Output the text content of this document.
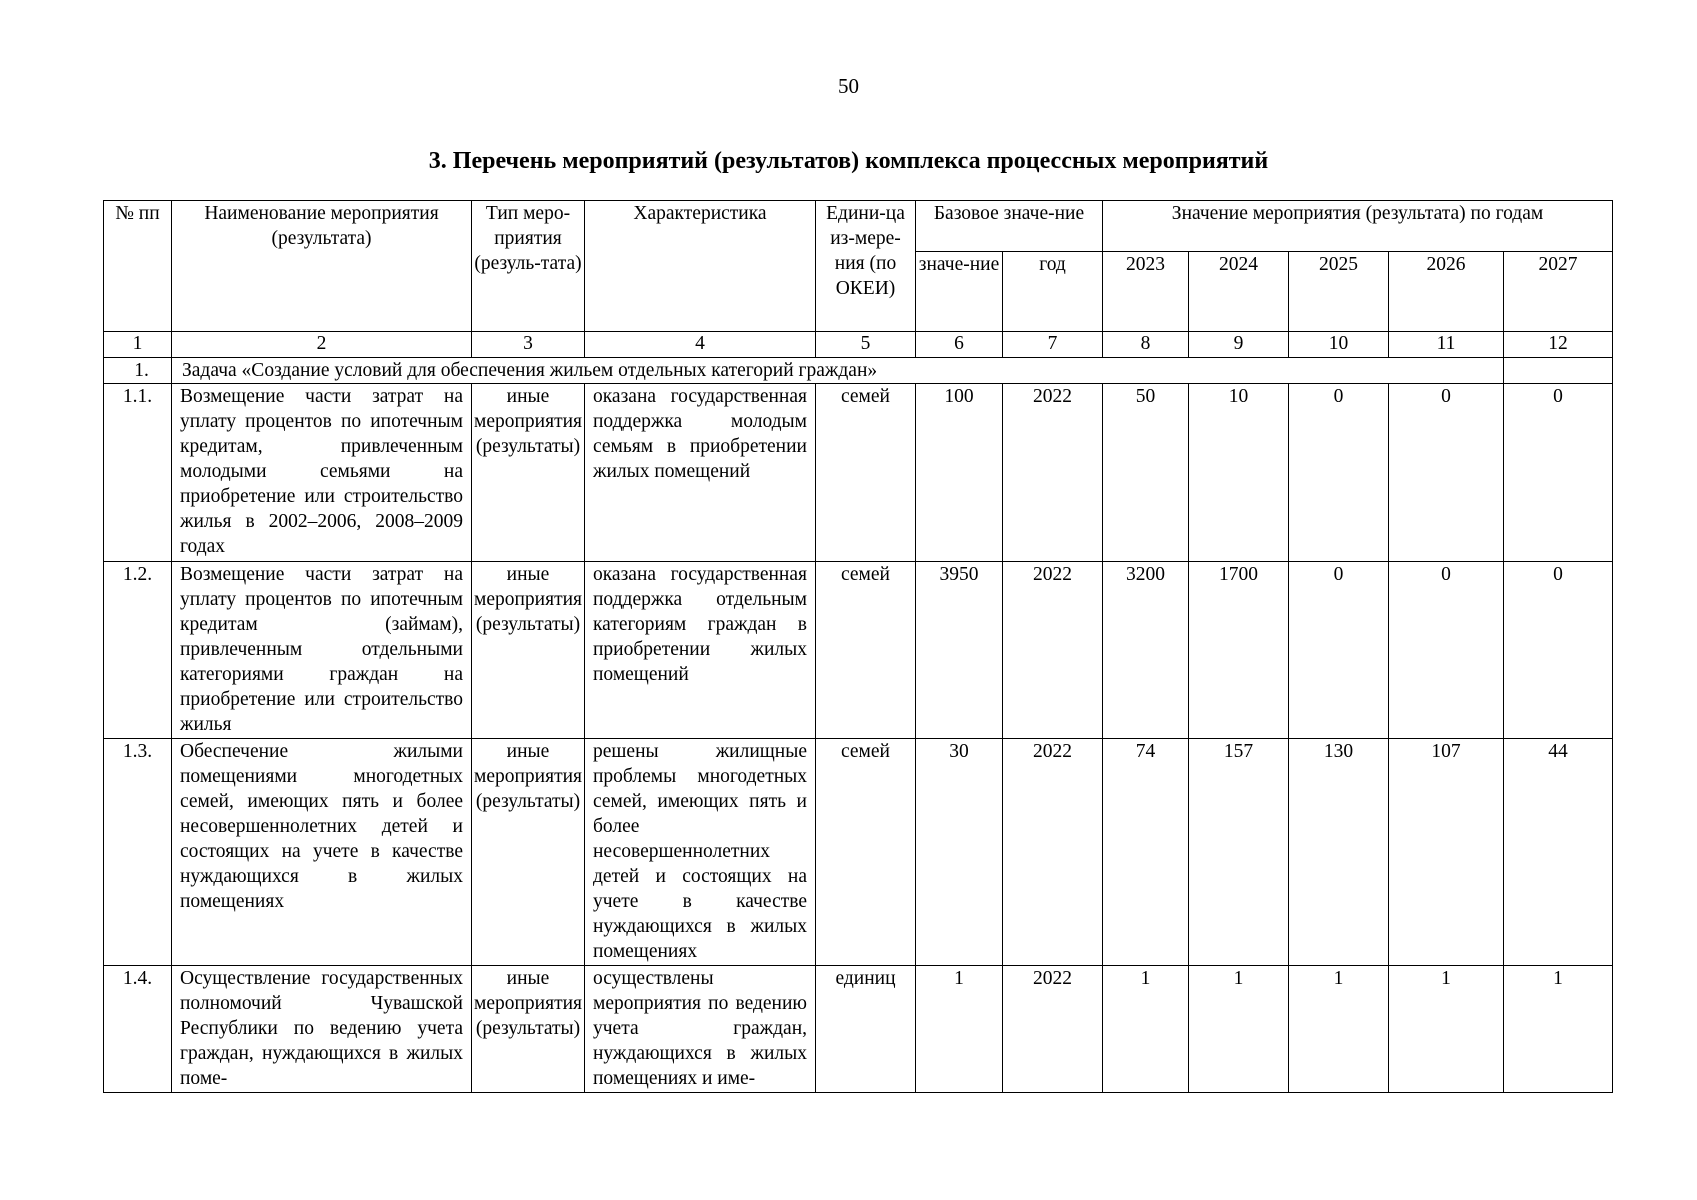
50
3. Перечень мероприятий (результатов) комплекса процессных мероприятий
№ пп	Наименование мероприятия (результата)	Тип меро-приятия (резуль-тата)	Характеристика	Едини-ца из-мере-ния (по ОКЕИ)	Базовое значе-ние		Значение мероприятия (результата) по годам				
					значе-ние	год	2023	2024	2025	2026	2027
1	2	3	4	5	6	7	8	9	10	11	12
1.	Задача «Создание условий для обеспечения жильем отдельных категорий граждан»										
1.1.	Возмещение части затрат на уплату процентов по ипотечным кредитам, привлеченным молодыми семьями на приобретение или строительство жилья в 2002–2006, 2008–2009 годах	иные мероприятия (результаты)	оказана государственная поддержка молодым семьям в приобретении жилых помещений	семей	100	2022	50	10	0	0	0
1.2.	Возмещение части затрат на уплату процентов по ипотечным кредитам (займам), привлеченным отдельными категориями граждан на приобретение или строительство жилья	иные мероприятия (результаты)	оказана государственная поддержка отдельным категориям граждан в приобретении жилых помещений	семей	3950	2022	3200	1700	0	0	0
1.3.	Обеспечение жилыми помещениями многодетных семей, имеющих пять и более несовершеннолетних детей и состоящих на учете в качестве нуждающихся в жилых помещениях	иные мероприятия (результаты)	решены жилищные проблемы многодетных семей, имеющих пять и более несовершеннолетних детей и состоящих на учете в качестве нуждающихся в жилых помещениях	семей	30	2022	74	157	130	107	44
1.4.	Осуществление государственных полномочий Чувашской Республики по ведению учета граждан, нуждающихся в жилых поме-	иные мероприятия (результаты)	осуществлены мероприятия по ведению учета граждан, нуждающихся в жилых помещениях и име-	единиц	1	2022	1	1	1	1	1
